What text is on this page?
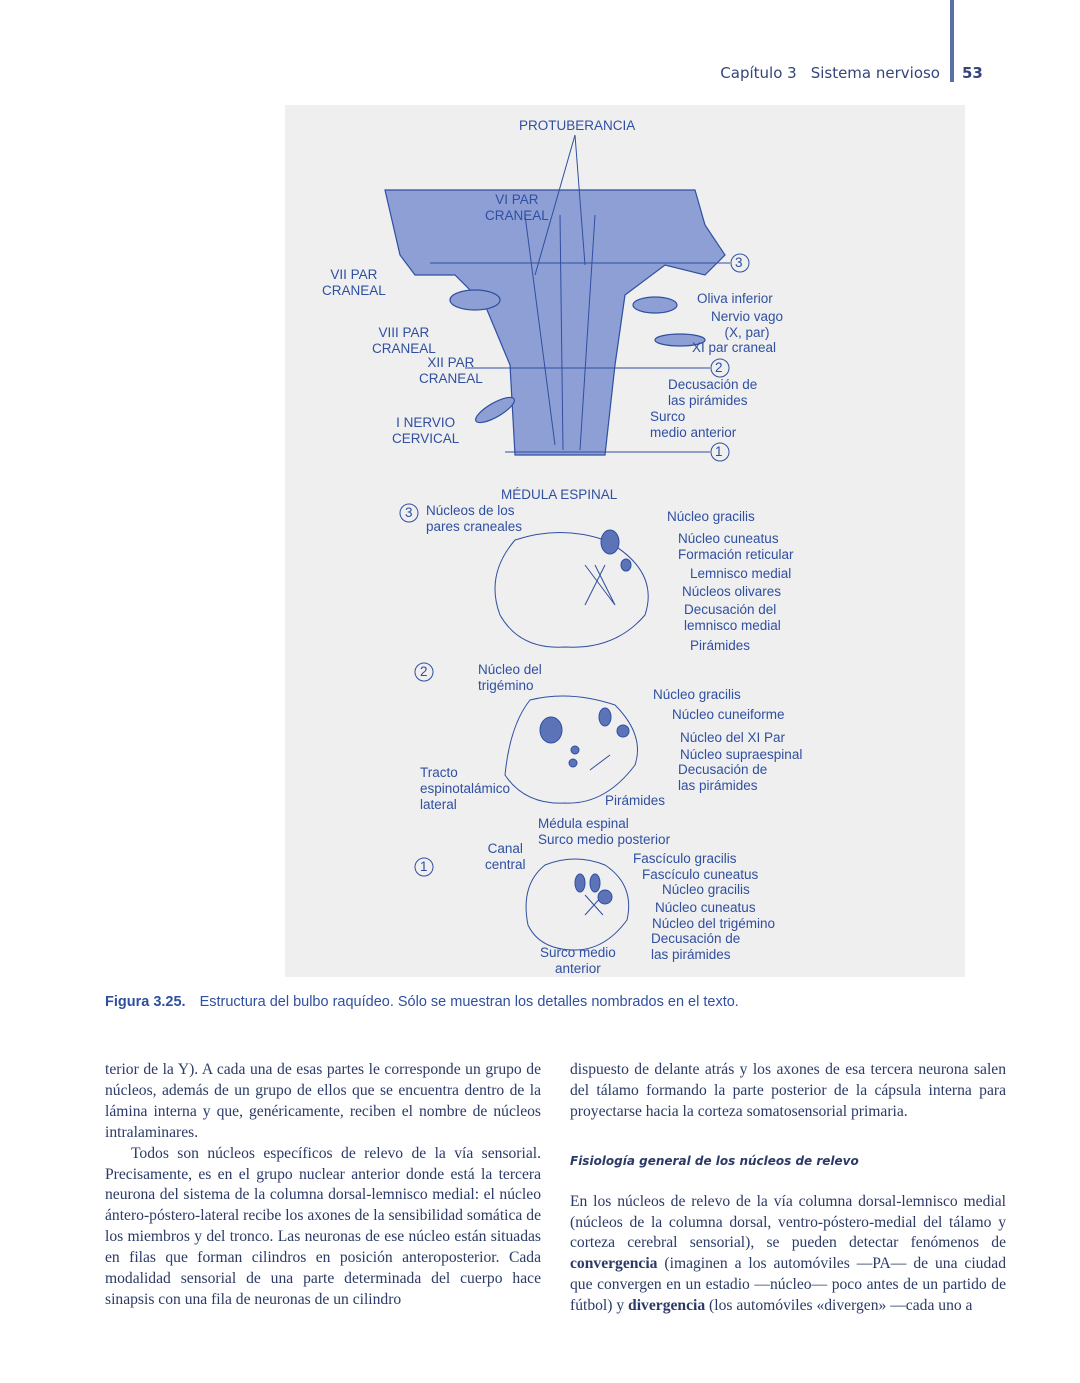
Capítulo 3 Sistema nervioso 53
PROTUBERANCIA
VI PAR
CRANEAL
VII PAR
CRANEAL
VIII PAR
CRANEAL
XII PAR
CRANEAL
I NERVIO
CERVICAL
Oliva inferior
Nervio vago
(X, par)
XI par craneal
Decusación de
las pirámides
Surco
medio anterior
3
2
1
MÉDULA ESPINAL
3 Núcleos de los
pares craneales
Núcleo gracilis
Núcleo cuneatus
Formación reticular
Lemnisco medial
Núcleos olivares
Decusación del
lemnisco medial
Pirámides
2	Núcleo del
trigémino
Núcleo gracilis
Núcleo cuneiforme
Núcleo del XI Par
Núcleo supraespinal
Decusación de
las pirámides
Tracto
espinotalámico
lateral	Pirámides
Médula espinal
Surco medio posterior
1
Canal
central	Fascículo gracilis
Fascículo cuneatus
Núcleo gracilis
Núcleo cuneatus
Núcleo del trigémino
Decusación de
las pirámides
Surco medio
anterior
Figura 3.25. Estructura del bulbo raquídeo. Sólo se muestran los detalles nombrados en el texto.

terior de la Y). A cada una de esas partes le corresponde un grupo de núcleos, además de un grupo de ellos que se encuentra dentro de la lámina interna y que, genéricamente, reciben el nombre de núcleos intralaminares.

Todos son núcleos específicos de relevo de la vía sensorial. Precisamente, es en el grupo nuclear anterior donde está la tercera neurona del sistema de la columna dorsal-lemnisco medial: el núcleo ántero-póstero-lateral recibe los axones de la sensibilidad somática de los miembros y del tronco. Las neuronas de ese núcleo están situadas en filas que forman cilindros en posición anteroposterior. Cada modalidad sensorial de una parte determinada del cuerpo hace sinapsis con una fila de neuronas de un cilindro

dispuesto de delante atrás y los axones de esa tercera neurona salen del tálamo formando la parte posterior de la cápsula interna para proyectarse hacia la corteza somatosensorial primaria.

Fisiología general de los núcleos de relevo

En los núcleos de relevo de la vía columna dorsal-lemnisco medial (núcleos de la columna dorsal, ventro-póstero-medial del tálamo y corteza cerebral sensorial), se pueden detectar fenómenos de convergencia (imaginen a los automóviles —PA— de una ciudad que convergen en un estadio —núcleo— poco antes de un partido de fútbol) y divergencia (los automóviles «divergen» —cada uno a
